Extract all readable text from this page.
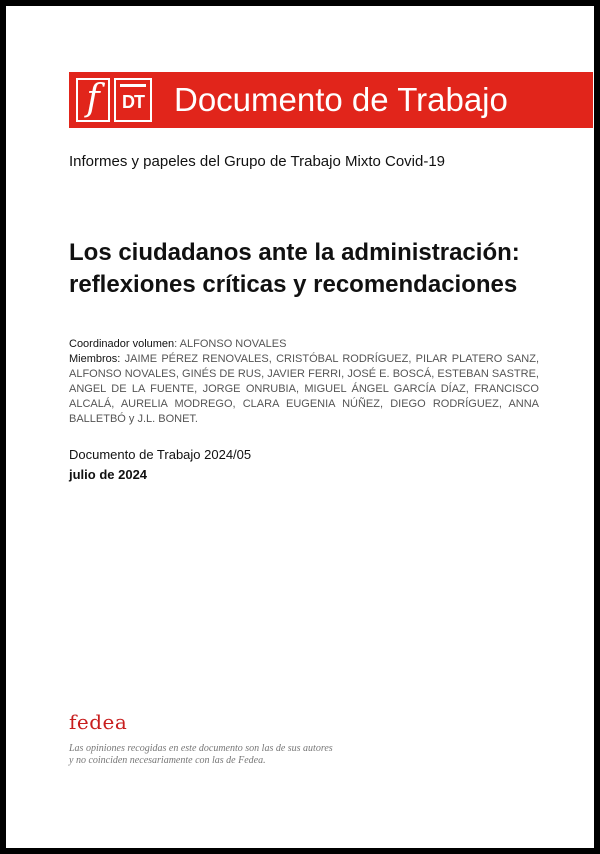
f	DT Documento de Trabajo
Informes y papeles del Grupo de Trabajo Mixto Covid-19
Los ciudadanos ante la administración:
reflexiones críticas y recomendaciones
Coordinador volumen: ALFONSO NOVALES
Miembros: JAIME PÉREZ RENOVALES, CRISTÓBAL RODRÍGUEZ, PILAR PLATERO SANZ, ALFONSO NOVALES, GINÉS DE RUS, JAVIER FERRI, JOSÉ E. BOSCÁ, ESTEBAN SASTRE, ANGEL DE LA FUENTE, JORGE ONRUBIA, MIGUEL ÁNGEL GARCÍA DÍAZ, FRANCISCO ALCALÁ, AURELIA MODREGO, CLARA EUGENIA NÚÑEZ, DIEGO RODRÍGUEZ, ANNA BALLETBÓ y J.L. BONET.
Documento de Trabajo 2024/05
julio de 2024
fedea
Las opiniones recogidas en este documento son las de sus autores
y no coinciden necesariamente con las de Fedea.
